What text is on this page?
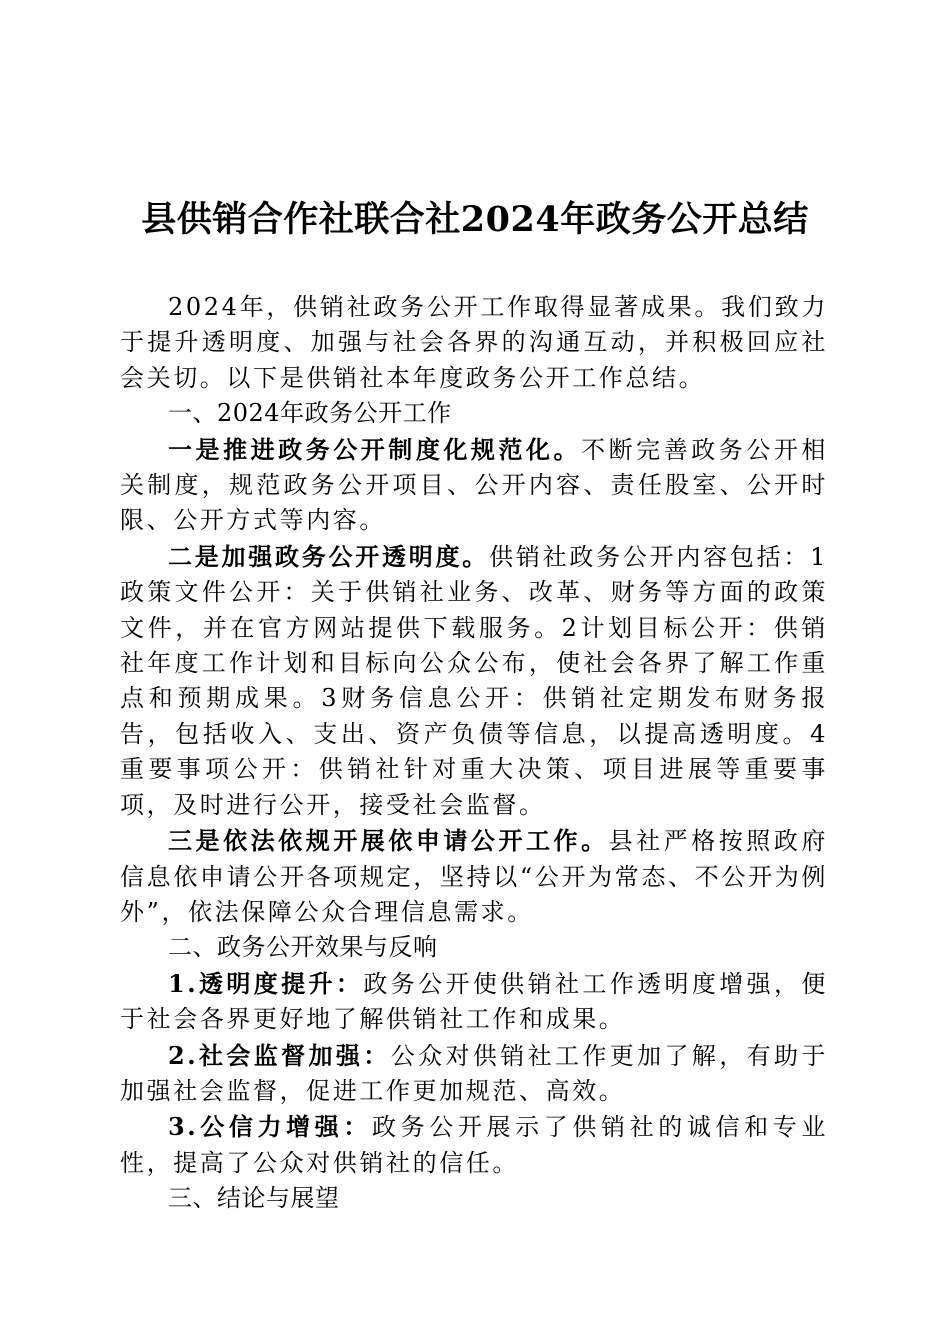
县供销合作社联合社2024年政务公开总结

2024年，供销社政务公开工作取得显著成果。我们致力于提升透明度、加强与社会各界的沟通互动，并积极回应社会关切。以下是供销社本年度政务公开工作总结。

一、2024年政务公开工作

一是推进政务公开制度化规范化。不断完善政务公开相关制度，规范政务公开项目、公开内容、责任股室、公开时限、公开方式等内容。

二是加强政务公开透明度。供销社政务公开内容包括：1政策文件公开：关于供销社业务、改革、财务等方面的政策文件，并在官方网站提供下载服务。2计划目标公开：供销社年度工作计划和目标向公众公布，使社会各界了解工作重点和预期成果。3财务信息公开：供销社定期发布财务报告，包括收入、支出、资产负债等信息，以提高透明度。4重要事项公开：供销社针对重大决策、项目进展等重要事项，及时进行公开，接受社会监督。

三是依法依规开展依申请公开工作。县社严格按照政府信息依申请公开各项规定，坚持以“公开为常态、不公开为例外”，依法保障公众合理信息需求。

二、政务公开效果与反响

1.透明度提升：政务公开使供销社工作透明度增强，便于社会各界更好地了解供销社工作和成果。

2.社会监督加强：公众对供销社工作更加了解，有助于加强社会监督，促进工作更加规范、高效。

3.公信力增强：政务公开展示了供销社的诚信和专业性，提高了公众对供销社的信任。

三、结论与展望
